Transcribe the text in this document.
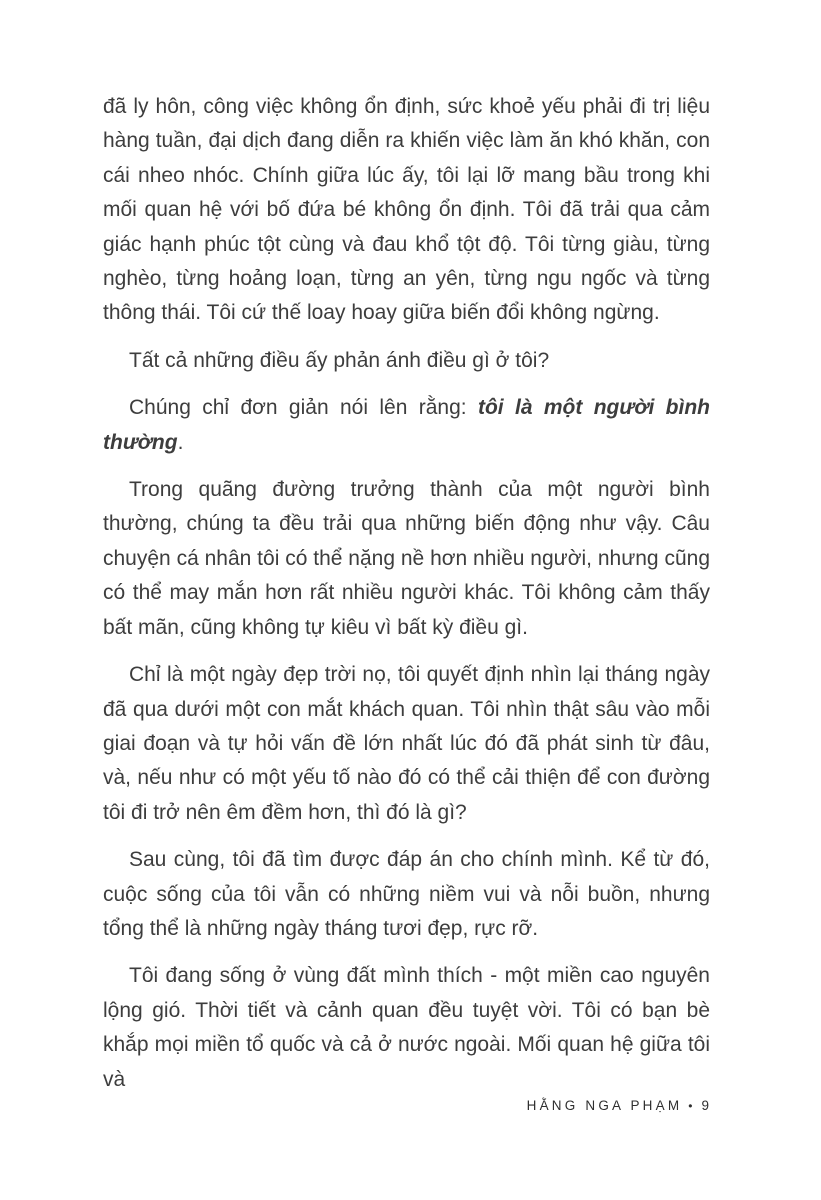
đã ly hôn, công việc không ổn định, sức khoẻ yếu phải đi trị liệu hàng tuần, đại dịch đang diễn ra khiến việc làm ăn khó khăn, con cái nheo nhóc. Chính giữa lúc ấy, tôi lại lỡ mang bầu trong khi mối quan hệ với bố đứa bé không ổn định. Tôi đã trải qua cảm giác hạnh phúc tột cùng và đau khổ tột độ. Tôi từng giàu, từng nghèo, từng hoảng loạn, từng an yên, từng ngu ngốc và từng thông thái. Tôi cứ thế loay hoay giữa biến đổi không ngừng.

Tất cả những điều ấy phản ánh điều gì ở tôi?

Chúng chỉ đơn giản nói lên rằng: tôi là một người bình thường.

Trong quãng đường trưởng thành của một người bình thường, chúng ta đều trải qua những biến động như vậy. Câu chuyện cá nhân tôi có thể nặng nề hơn nhiều người, nhưng cũng có thể may mắn hơn rất nhiều người khác. Tôi không cảm thấy bất mãn, cũng không tự kiêu vì bất kỳ điều gì.

Chỉ là một ngày đẹp trời nọ, tôi quyết định nhìn lại tháng ngày đã qua dưới một con mắt khách quan. Tôi nhìn thật sâu vào mỗi giai đoạn và tự hỏi vấn đề lớn nhất lúc đó đã phát sinh từ đâu, và, nếu như có một yếu tố nào đó có thể cải thiện để con đường tôi đi trở nên êm đềm hơn, thì đó là gì?

Sau cùng, tôi đã tìm được đáp án cho chính mình. Kể từ đó, cuộc sống của tôi vẫn có những niềm vui và nỗi buồn, nhưng tổng thể là những ngày tháng tươi đẹp, rực rỡ.

Tôi đang sống ở vùng đất mình thích - một miền cao nguyên lộng gió. Thời tiết và cảnh quan đều tuyệt vời. Tôi có bạn bè khắp mọi miền tổ quốc và cả ở nước ngoài. Mối quan hệ giữa tôi và

HẰNG NGA PHẠM • 9
